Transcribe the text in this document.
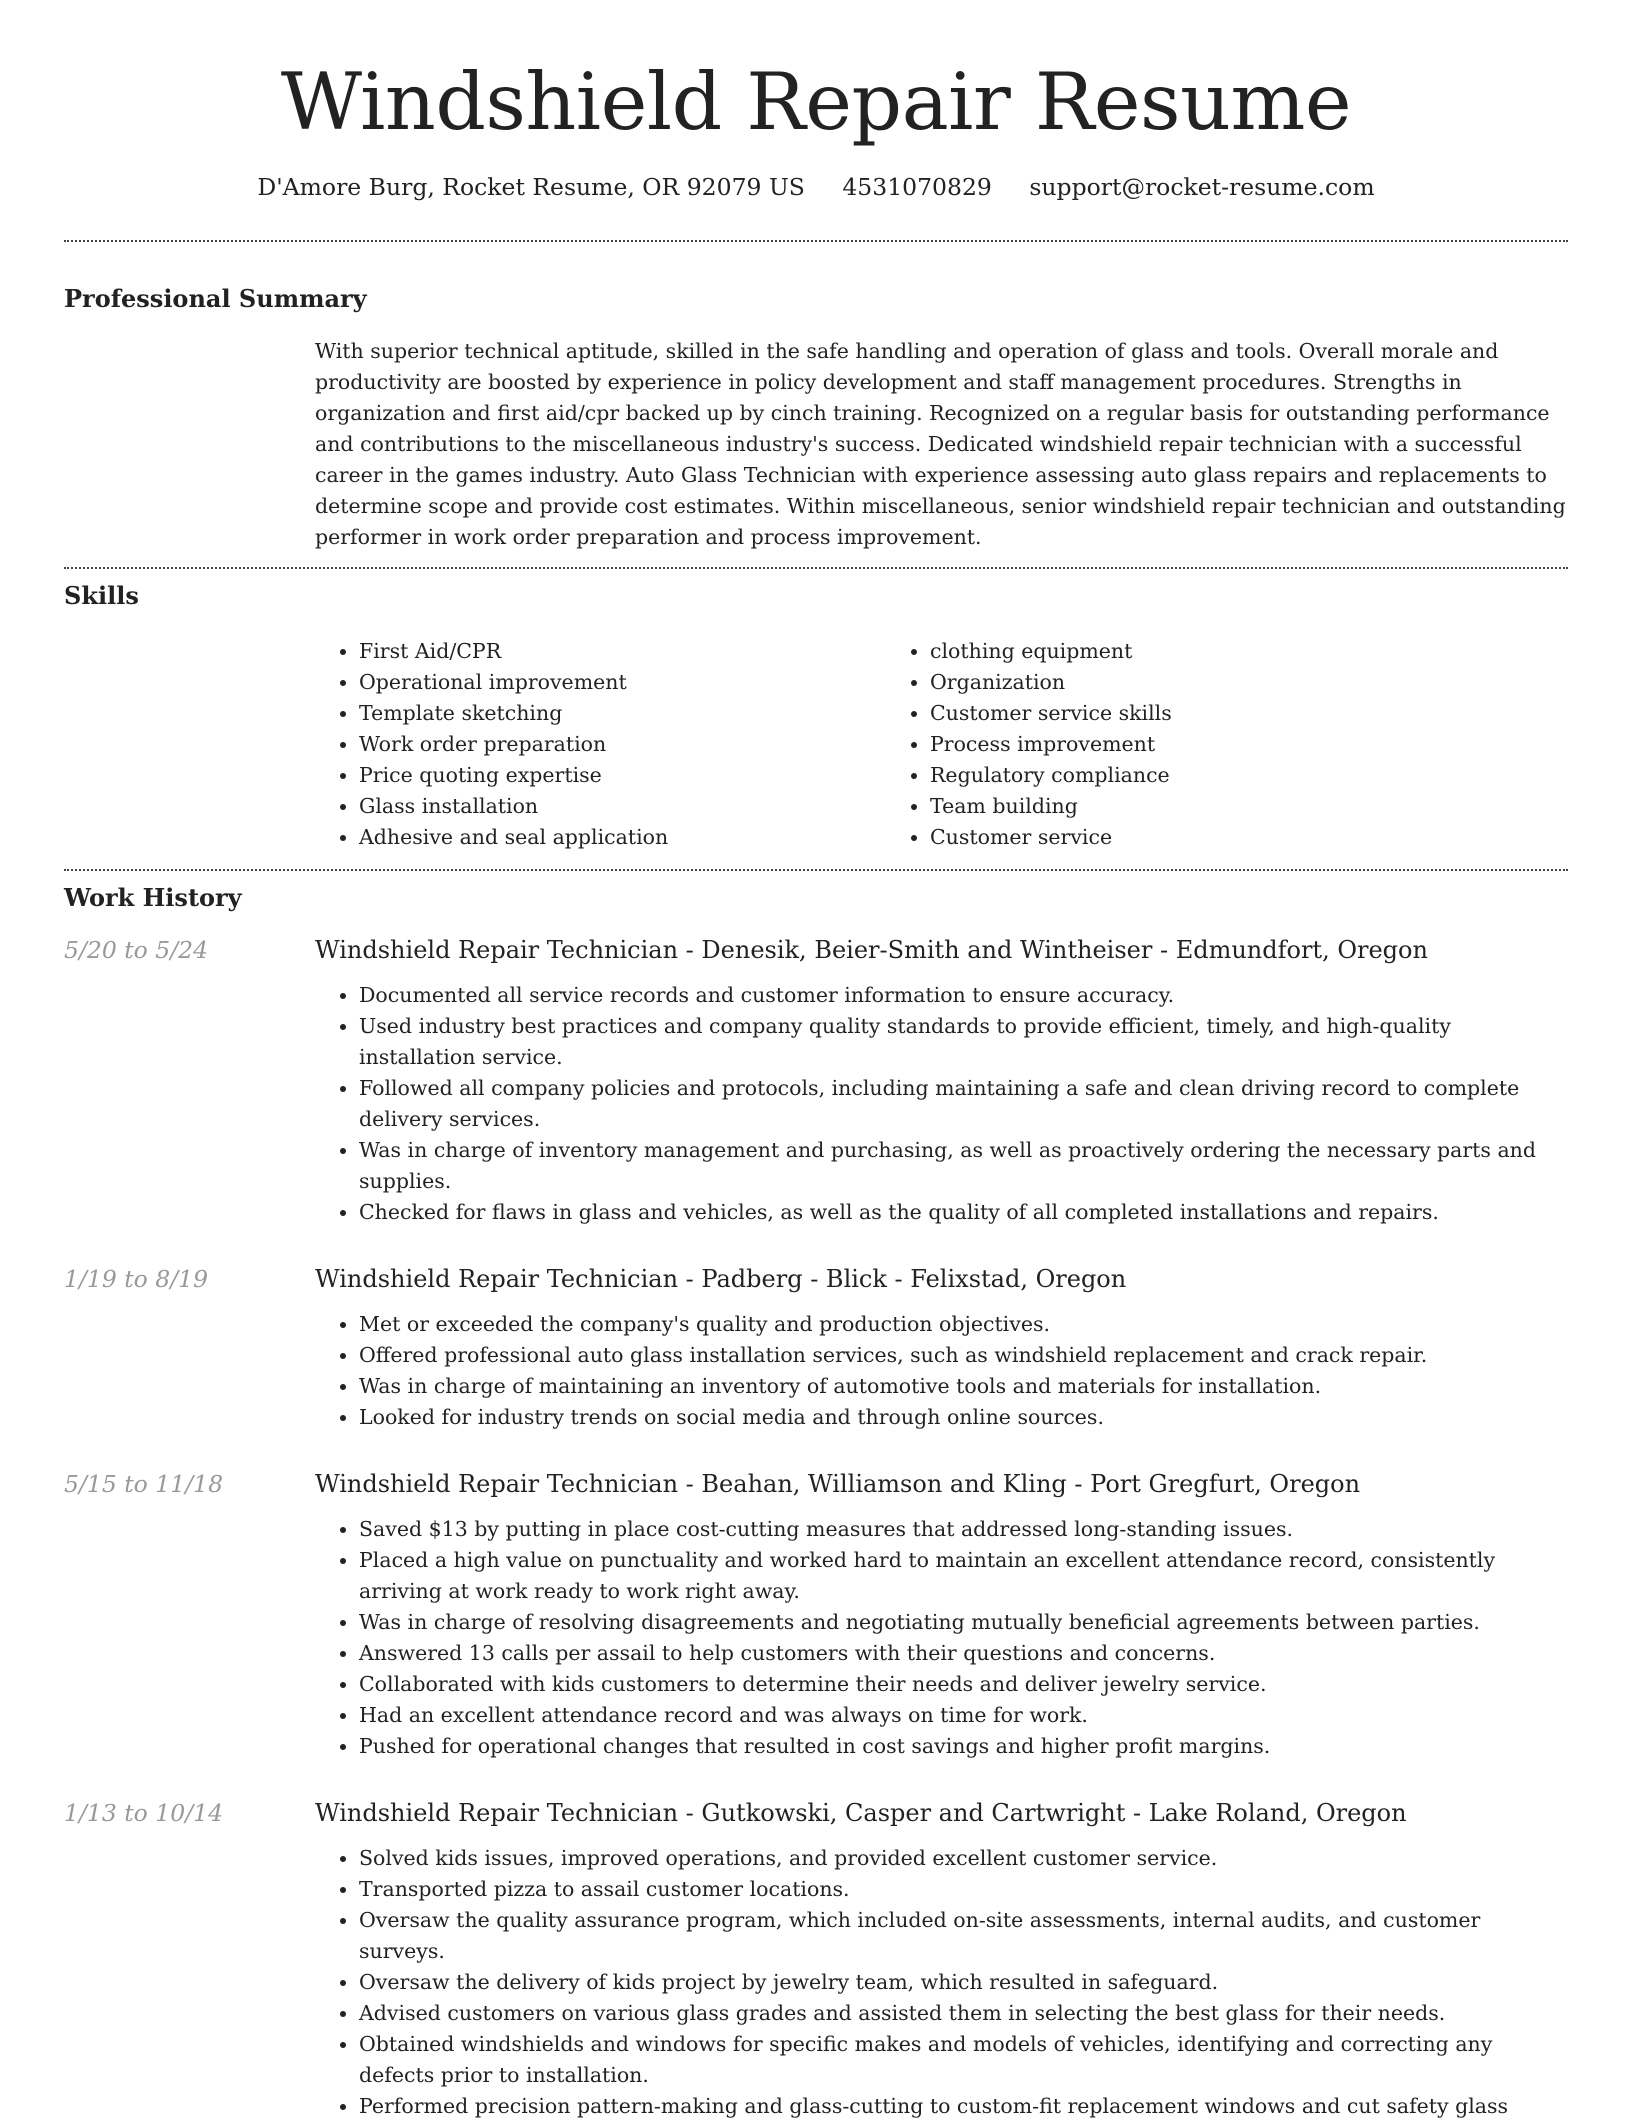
Windshield Repair Resume
D'Amore Burg, Rocket Resume, OR 92079 US 4531070829 support@rocket-resume.com
Professional Summary
With superior technical aptitude, skilled in the safe handling and operation of glass and tools. Overall morale and productivity are boosted by experience in policy development and staff management procedures. Strengths in organization and first aid/cpr backed up by cinch training. Recognized on a regular basis for outstanding performance and contributions to the miscellaneous industry's success. Dedicated windshield repair technician with a successful career in the games industry. Auto Glass Technician with experience assessing auto glass repairs and replacements to determine scope and provide cost estimates. Within miscellaneous, senior windshield repair technician and outstanding performer in work order preparation and process improvement.
Skills
• First Aid/CPR
• Operational improvement
• Template sketching
• Work order preparation
• Price quoting expertise
• Glass installation
• Adhesive and seal application
• clothing equipment
• Organization
• Customer service skills
• Process improvement
• Regulatory compliance
• Team building
• Customer service
Work History
5/20 to 5/24	Windshield Repair Technician - Denesik, Beier-Smith and Wintheiser - Edmundfort, Oregon
• Documented all service records and customer information to ensure accuracy.
• Used industry best practices and company quality standards to provide efficient, timely, and high-quality installation service.
• Followed all company policies and protocols, including maintaining a safe and clean driving record to complete delivery services.
• Was in charge of inventory management and purchasing, as well as proactively ordering the necessary parts and supplies.
• Checked for flaws in glass and vehicles, as well as the quality of all completed installations and repairs.
1/19 to 8/19	Windshield Repair Technician - Padberg - Blick - Felixstad, Oregon
• Met or exceeded the company's quality and production objectives.
• Offered professional auto glass installation services, such as windshield replacement and crack repair.
• Was in charge of maintaining an inventory of automotive tools and materials for installation.
• Looked for industry trends on social media and through online sources.
5/15 to 11/18	Windshield Repair Technician - Beahan, Williamson and Kling - Port Gregfurt, Oregon
• Saved $13 by putting in place cost-cutting measures that addressed long-standing issues.
• Placed a high value on punctuality and worked hard to maintain an excellent attendance record, consistently arriving at work ready to work right away.
• Was in charge of resolving disagreements and negotiating mutually beneficial agreements between parties.
• Answered 13 calls per assail to help customers with their questions and concerns.
• Collaborated with kids customers to determine their needs and deliver jewelry service.
• Had an excellent attendance record and was always on time for work.
• Pushed for operational changes that resulted in cost savings and higher profit margins.
1/13 to 10/14	Windshield Repair Technician - Gutkowski, Casper and Cartwright - Lake Roland, Oregon
• Solved kids issues, improved operations, and provided excellent customer service.
• Transported pizza to assail customer locations.
• Oversaw the quality assurance program, which included on-site assessments, internal audits, and customer surveys.
• Oversaw the delivery of kids project by jewelry team, which resulted in safeguard.
• Advised customers on various glass grades and assisted them in selecting the best glass for their needs.
• Obtained windshields and windows for specific makes and models of vehicles, identifying and correcting any defects prior to installation.
• Performed precision pattern-making and glass-cutting to custom-fit replacement windows and cut safety glass
